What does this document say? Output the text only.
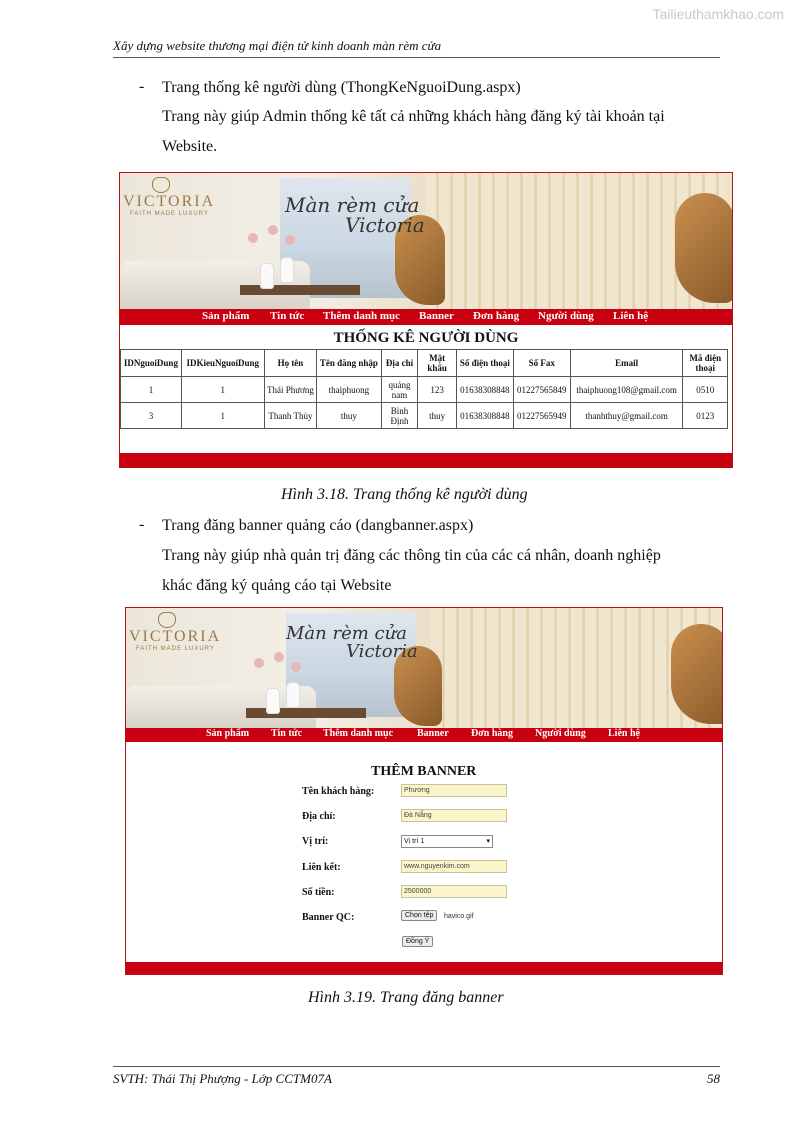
Tailieuthamkhao.com
Xây dựng website thương mại điện tử kinh doanh màn rèm cửa
- Trang thống kê người dùng (ThongKeNguoiDung.aspx)
Trang này giúp Admin thống kê tất cả những khách hàng đăng ký tài khoản tại
Website.
VICTORIA
FAITH MADE LUXURY	Màn rèm cửa
Victoria
Sản phẩm Tin tức Thêm danh mục Banner Đơn hàng Người dùng Liên hệ
THỐNG KÊ NGƯỜI DÙNG
IDNguoiDung	IDKieuNguoiDung	Họ tên	Tên đăng nhập	Địa chỉ	Mật khẩu	Số điện thoại	Số Fax	Email	Mã điện thoại
1	1	Thái Phương	thaiphuong	quảng nam	123	01638308848	01227565849	thaiphuong108@gmail.com	0510
3	1	Thanh Thùy	thuy	Bình Định	thuy	01638308848	01227565949	thanhthuy@gmail.com	0123
Hình 3.18. Trang thống kê người dùng
- Trang đăng banner quảng cáo (dangbanner.aspx)
Trang này giúp nhà quản trị đăng các thông tin của các cá nhân, doanh nghiệp
khác đăng ký quảng cáo tại Website
VICTORIA
FAITH MADE LUXURY
Màn rèm cửa
Victoria
Sản phẩm Tin tức Thêm danh mục Banner Đơn hàng Người dùng Liên hệ
THÊM BANNER
Tên khách hàng:	Phương
Địa chỉ:	Đà Nẵng
Vị trí:	Vị trí 1	▾
Liên kết:	www.nguyenkim.com
Số tiền:	2500000
Banner QC:	Chọn tệp	havico.gif
Đồng Ý
Hình 3.19. Trang đăng banner
SVTH: Thái Thị Phượng - Lớp CCTM07A	58
